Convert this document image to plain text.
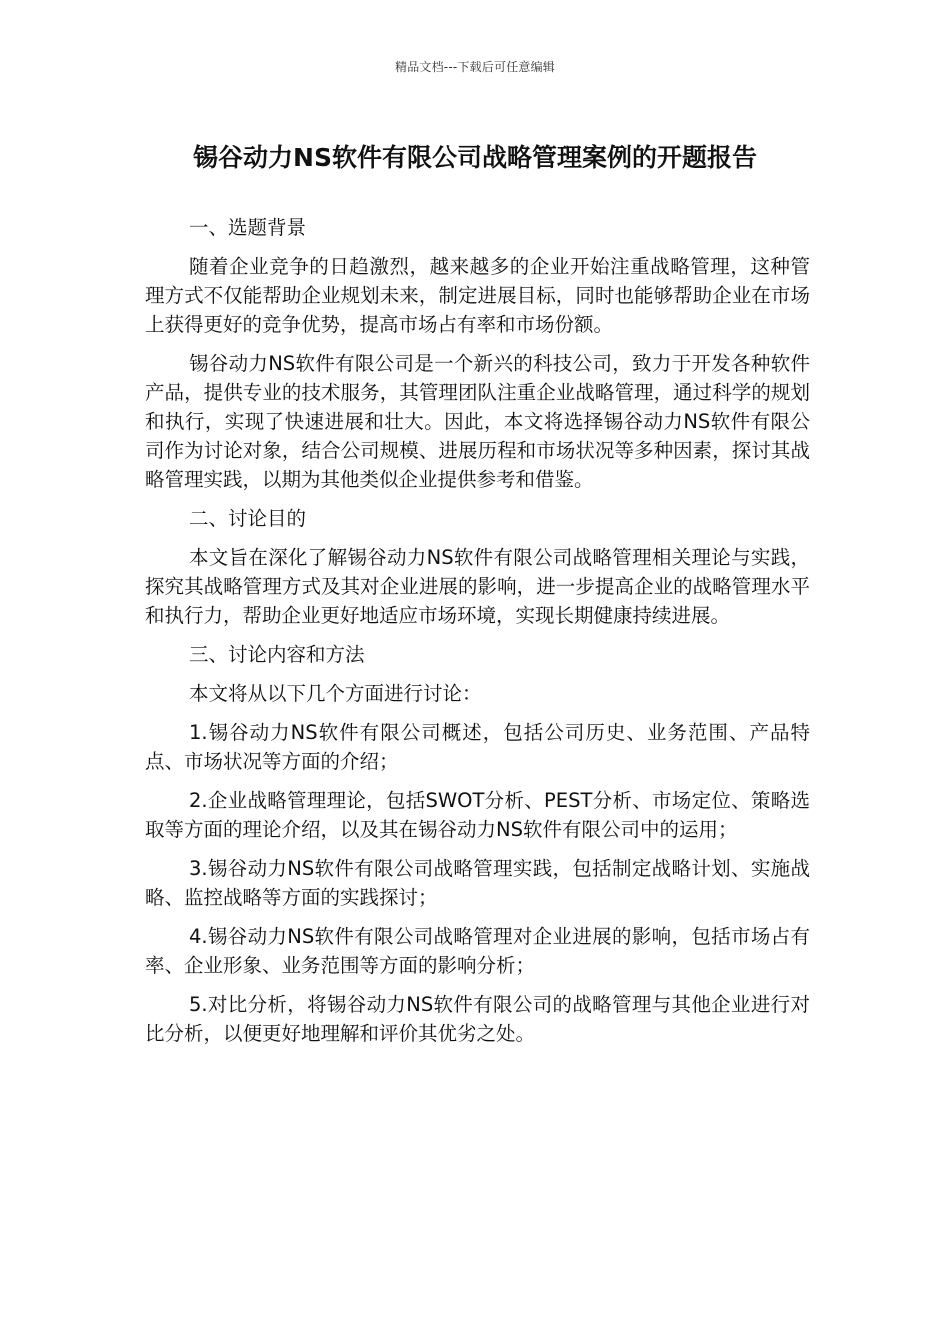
精品文档---下载后可任意编辑
锡谷动力NS软件有限公司战略管理案例的开题报告

一、选题背景

随着企业竞争的日趋激烈，越来越多的企业开始注重战略管理，这种管理方式不仅能帮助企业规划未来，制定进展目标，同时也能够帮助企业在市场上获得更好的竞争优势，提高市场占有率和市场份额。

锡谷动力NS软件有限公司是一个新兴的科技公司，致力于开发各种软件产品，提供专业的技术服务，其管理团队注重企业战略管理，通过科学的规划和执行，实现了快速进展和壮大。因此，本文将选择锡谷动力NS软件有限公司作为讨论对象，结合公司规模、进展历程和市场状况等多种因素，探讨其战略管理实践，以期为其他类似企业提供参考和借鉴。

二、讨论目的

本文旨在深化了解锡谷动力NS软件有限公司战略管理相关理论与实践，探究其战略管理方式及其对企业进展的影响，进一步提高企业的战略管理水平和执行力，帮助企业更好地适应市场环境，实现长期健康持续进展。

三、讨论内容和方法

本文将从以下几个方面进行讨论：

1.锡谷动力NS软件有限公司概述，包括公司历史、业务范围、产品特点、市场状况等方面的介绍；

2.企业战略管理理论，包括SWOT分析、PEST分析、市场定位、策略选取等方面的理论介绍，以及其在锡谷动力NS软件有限公司中的运用；

3.锡谷动力NS软件有限公司战略管理实践，包括制定战略计划、实施战略、监控战略等方面的实践探讨；

4.锡谷动力NS软件有限公司战略管理对企业进展的影响，包括市场占有率、企业形象、业务范围等方面的影响分析；

5.对比分析，将锡谷动力NS软件有限公司的战略管理与其他企业进行对比分析，以便更好地理解和评价其优劣之处。
